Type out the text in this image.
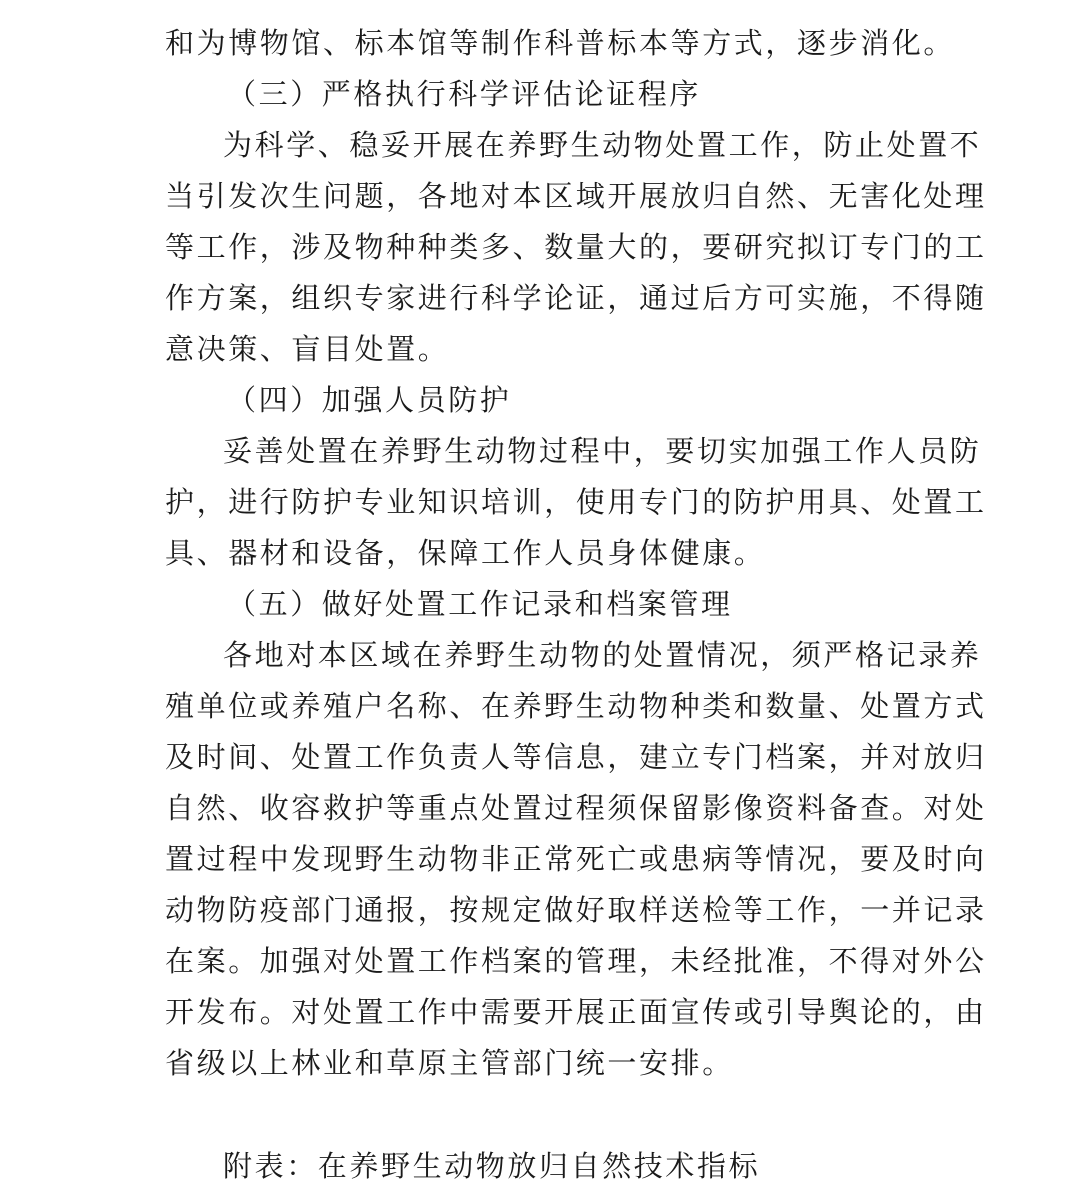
和为博物馆、标本馆等制作科普标本等方式，逐步消化。
（三）严格执行科学评估论证程序
为科学、稳妥开展在养野生动物处置工作，防止处置不
当引发次生问题，各地对本区域开展放归自然、无害化处理
等工作，涉及物种种类多、数量大的，要研究拟订专门的工
作方案，组织专家进行科学论证，通过后方可实施，不得随
意决策、盲目处置。
（四）加强人员防护
妥善处置在养野生动物过程中，要切实加强工作人员防
护，进行防护专业知识培训，使用专门的防护用具、处置工
具、器材和设备，保障工作人员身体健康。
（五）做好处置工作记录和档案管理
各地对本区域在养野生动物的处置情况，须严格记录养
殖单位或养殖户名称、在养野生动物种类和数量、处置方式
及时间、处置工作负责人等信息，建立专门档案，并对放归
自然、收容救护等重点处置过程须保留影像资料备查。对处
置过程中发现野生动物非正常死亡或患病等情况，要及时向
动物防疫部门通报，按规定做好取样送检等工作，一并记录
在案。加强对处置工作档案的管理，未经批准，不得对外公
开发布。对处置工作中需要开展正面宣传或引导舆论的，由
省级以上林业和草原主管部门统一安排。
附表：在养野生动物放归自然技术指标
